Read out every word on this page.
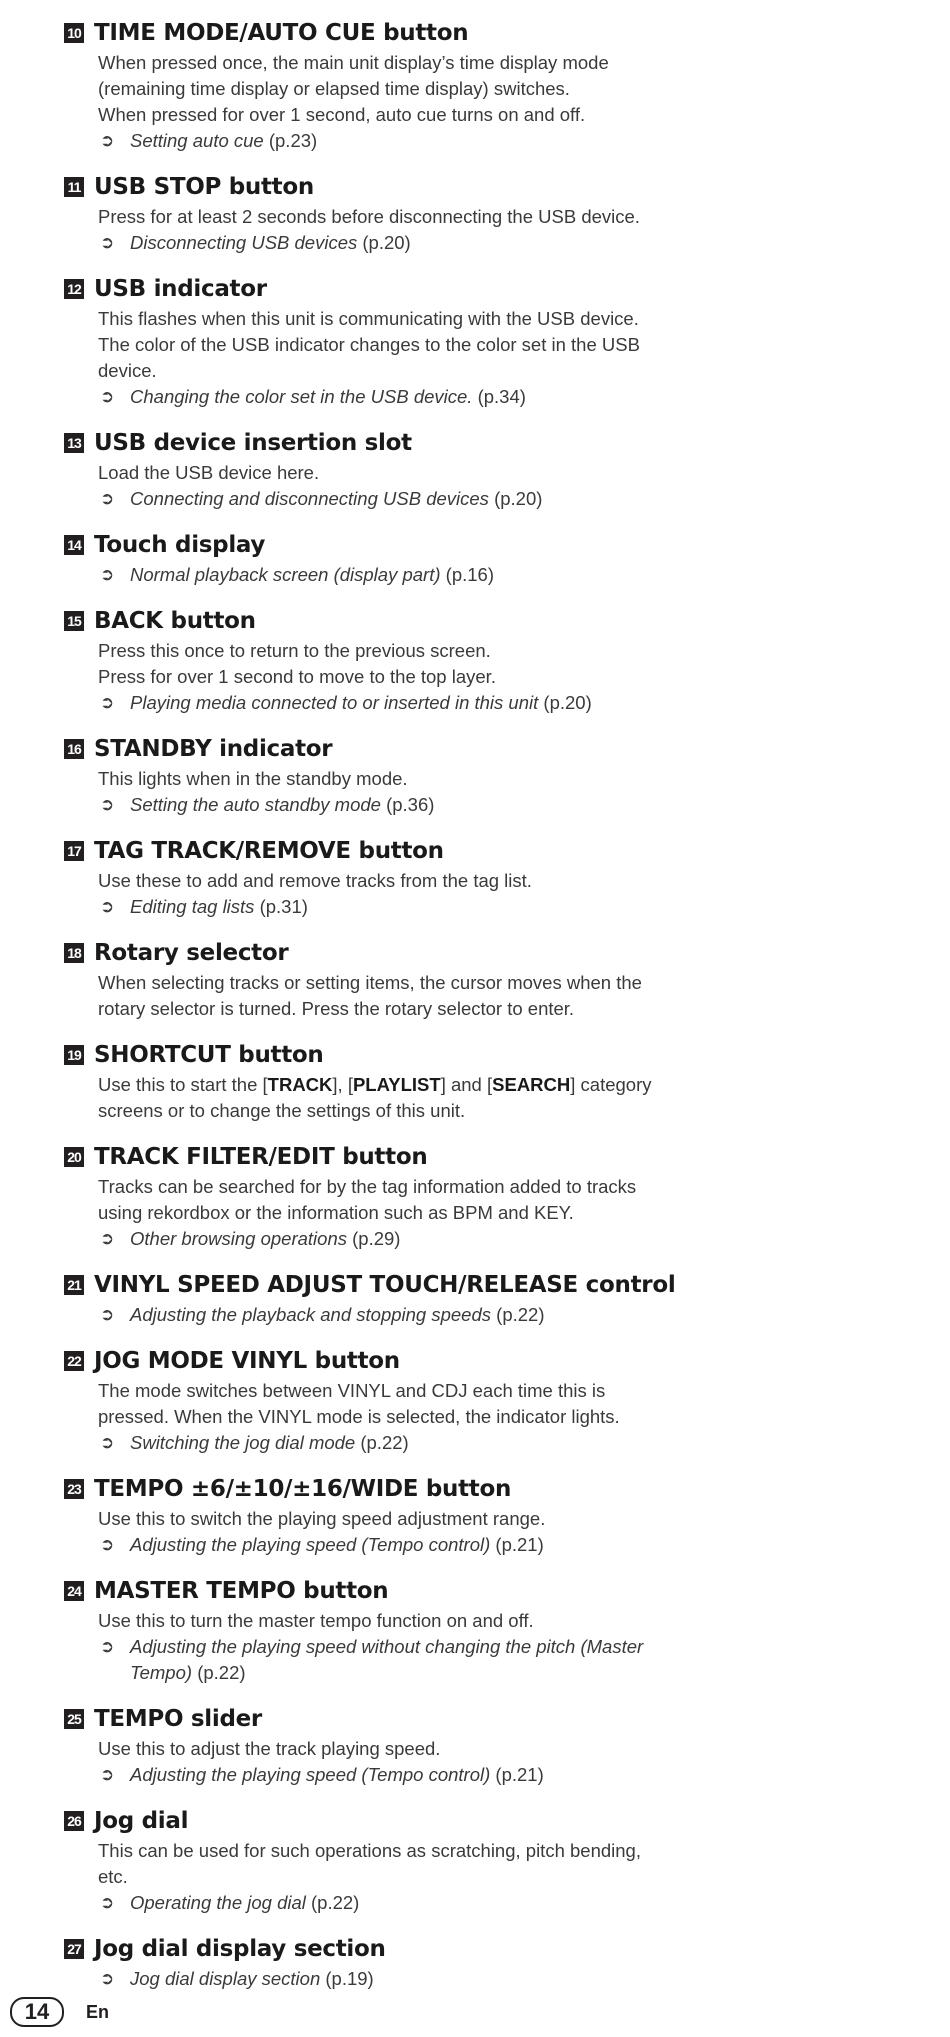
10 TIME MODE/AUTO CUE button

When pressed once, the main unit display’s time display mode

(remaining time display or elapsed time display) switches.

When pressed for over 1 second, auto cue turns on and off.

➲ Setting auto cue (p.23)

11 USB STOP button

Press for at least 2 seconds before disconnecting the USB device.

➲ Disconnecting USB devices (p.20)

12 USB indicator

This flashes when this unit is communicating with the USB device.

The color of the USB indicator changes to the color set in the USB

device.

➲ Changing the color set in the USB device. (p.34)

13 USB device insertion slot

Load the USB device here.

➲ Connecting and disconnecting USB devices (p.20)

14 Touch display

➲ Normal playback screen (display part) (p.16)

15 BACK button

Press this once to return to the previous screen.

Press for over 1 second to move to the top layer.

➲ Playing media connected to or inserted in this unit (p.20)

16 STANDBY indicator

This lights when in the standby mode.

➲ Setting the auto standby mode (p.36)

17 TAG TRACK/REMOVE button

Use these to add and remove tracks from the tag list.

➲ Editing tag lists (p.31)

18 Rotary selector

When selecting tracks or setting items, the cursor moves when the

rotary selector is turned. Press the rotary selector to enter.

19 SHORTCUT button

Use this to start the [TRACK], [PLAYLIST] and [SEARCH] category

screens or to change the settings of this unit.

20 TRACK FILTER/EDIT button

Tracks can be searched for by the tag information added to tracks

using rekordbox or the information such as BPM and KEY.

➲ Other browsing operations (p.29)

21 VINYL SPEED ADJUST TOUCH/RELEASE control

➲ Adjusting the playback and stopping speeds (p.22)

22 JOG MODE VINYL button

The mode switches between VINYL and CDJ each time this is

pressed. When the VINYL mode is selected, the indicator lights.

➲ Switching the jog dial mode (p.22)

23 TEMPO ±6/±10/±16/WIDE button

Use this to switch the playing speed adjustment range.

➲ Adjusting the playing speed (Tempo control) (p.21)

24 MASTER TEMPO button

Use this to turn the master tempo function on and off.

➲ Adjusting the playing speed without changing the pitch (Master
Tempo) (p.22)

25 TEMPO slider

Use this to adjust the track playing speed.

➲ Adjusting the playing speed (Tempo control) (p.21)

26 Jog dial

This can be used for such operations as scratching, pitch bending,

etc.

➲ Operating the jog dial (p.22)

27 Jog dial display section

➲ Jog dial display section (p.19)

14	En
